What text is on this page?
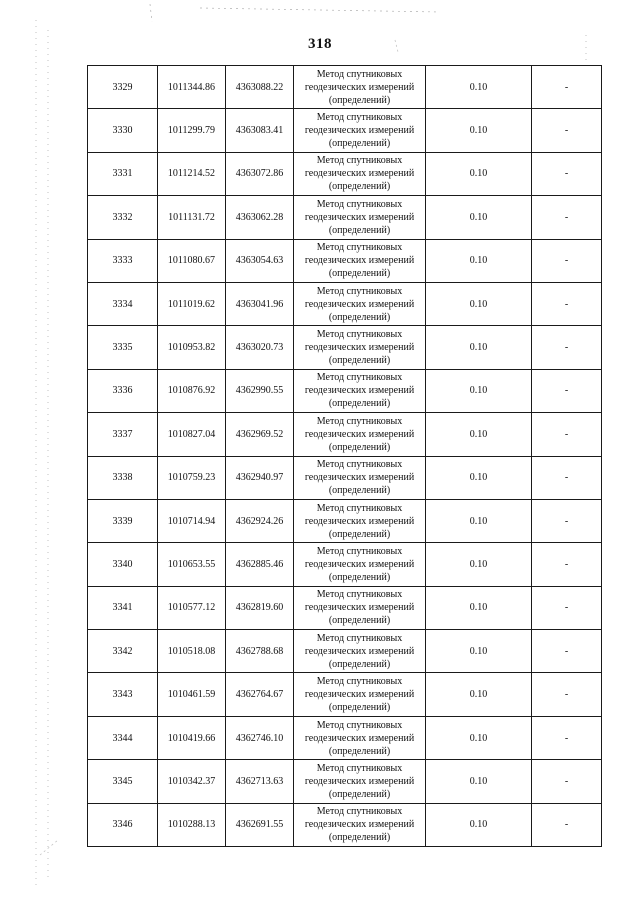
318
3329	1011344.86	4363088.22	Метод спутниковых
геодезических измерений
(определений)	0.10	-
3330	1011299.79	4363083.41	Метод спутниковых
геодезических измерений
(определений)	0.10	-
3331	1011214.52	4363072.86	Метод спутниковых
геодезических измерений
(определений)	0.10	-
3332	1011131.72	4363062.28	Метод спутниковых
геодезических измерений
(определений)	0.10	-
3333	1011080.67	4363054.63	Метод спутниковых
геодезических измерений
(определений)	0.10	-
3334	1011019.62	4363041.96	Метод спутниковых
геодезических измерений
(определений)	0.10	-
3335	1010953.82	4363020.73	Метод спутниковых
геодезических измерений
(определений)	0.10	-
3336	1010876.92	4362990.55	Метод спутниковых
геодезических измерений
(определений)	0.10	-
3337	1010827.04	4362969.52	Метод спутниковых
геодезических измерений
(определений)	0.10	-
3338	1010759.23	4362940.97	Метод спутниковых
геодезических измерений
(определений)	0.10	-
3339	1010714.94	4362924.26	Метод спутниковых
геодезических измерений
(определений)	0.10	-
3340	1010653.55	4362885.46	Метод спутниковых
геодезических измерений
(определений)	0.10	-
3341	1010577.12	4362819.60	Метод спутниковых
геодезических измерений
(определений)	0.10	-
3342	1010518.08	4362788.68	Метод спутниковых
геодезических измерений
(определений)	0.10	-
3343	1010461.59	4362764.67	Метод спутниковых
геодезических измерений
(определений)	0.10	-
3344	1010419.66	4362746.10	Метод спутниковых
геодезических измерений
(определений)	0.10	-
3345	1010342.37	4362713.63	Метод спутниковых
геодезических измерений
(определений)	0.10	-
3346	1010288.13	4362691.55	Метод спутниковых
геодезических измерений
(определений)	0.10	-
